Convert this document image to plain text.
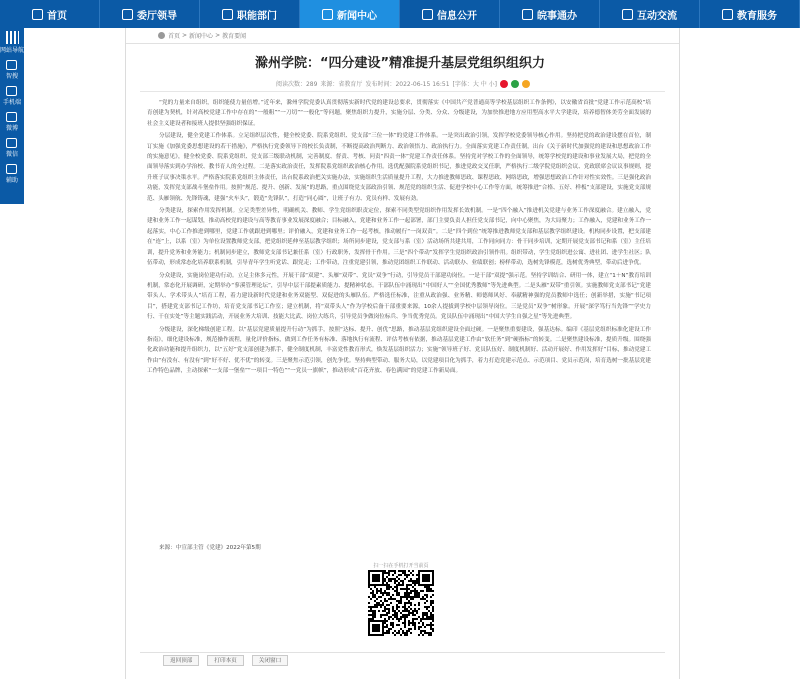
首页	委厅领导	职能部门	新闻中心	信息公开	皖事通办	互动交流	教育服务
网站导航
智搜
手机端
微博
微信
辅助
首页 > 新闻中心 > 教育要闻
滁州学院：“四分建设”精准提升基层党组织组织力
阅读次数：289 来源：省教育厅 发布时间：2022-06-15 16:51 [字体：大 中 小]

“党的力量来自组织，组织能使力量倍增。”近年来，滁州学院党委认真贯彻落实新时代党的建设总要求，贯彻落实《中国共产党普通高等学校基层组织工作条例》，以安徽省首批“党建工作示范高校”培育创建为契机，针对高校党建工作中存在的“一般粗”“一刀切”“一般化”等问题，聚焦组织力提升，实施分层、分类、分众、分级建设，为加快推进地方应用型高水平大学建设，培养德智体美劳全面发展的社会主义建设者和接班人提供坚强组织保证。

分层建设，健全党建工作体系。立足组织层次性，健全校党委、院系党组织、党支部“三位一体”的党建工作体系。一是突出政治引领，发挥学校党委领导核心作用。坚持把党的政治建设摆在首位，制订实施《加强党委思想建设的若干措施》，严格执行党委领导下的校长负责制，不断提高政治判断力、政治领悟力、政治执行力。全面落实党建工作责任制，出台《关于新时代加强党的建设和思想政治工作的实施意见》，健全校党委、院系党组织、党支部三级联动机制，完善制度、督责、考核、问责“四责一体”党建工作责任体系。坚持党对学校工作的全面领导，统筹学校党的建设和事业发展大局，把党的全面领导落实到办学治校、教书育人的全过程。二是落实政治责任，发挥院系党组织政治核心作用。选优配强院系党组织书记，推进党政交叉任职，严格执行二级学院党组织会议、党政联席会议议事规则，提升班子议事决策水平。严格落实院系党组织主体责任，出台院系政治把关实施办法，实施组织生活质量提升工程，大力推进教师思政、课程思政、网络思政，增强思想政治工作针对性实效性。三是强化政治功能，发挥党支部战斗堡垒作用。按照“规范、提升、创新、发展”的思路，重点围绕党支部政治引领、规范党的组织生活、促进学校中心工作等方面，统筹推进“合格、五好、样板”支部建设，实施党支部规范、头雁领航、先锋铸魂，建强“火车头”，锻造“先锋队”，打造“同心圆”，让班子有力、党员有样、发展有劲。

分类建设，探索作用发挥机制。立足类型差异性，明确机关、教师、学生党组织职责定位，探索不同类型党组织作用发挥长效机制。一是“四个融入”推进机关党建与业务工作深度融合。建立融入，党建和业务工作一起谋划，推动高校党的建设与高等教育事业发展深度融合；目标融入，党建和业务工作一起部署，部门主要负责人担任党支部书记，向中心聚焦，为大局聚力；工作融入，党建和业务工作一起落实，中心工作推进到哪里，党建工作就跟进到哪里；评价融入，党建和业务工作一起考核，推动履行“一岗双责”。二是“四个到位”统筹推进教师党支部和基层教学组织建设。机构同步设置，把支部建在“连”上，以系（室）为单位设置教师党支部，把党组织延伸至基层教学组织；场所同步建设，党支部与系（室）活动场所共建共用，工作同向同力：骨干同步培训，定期开展党支部书记和系（室）主任培训，提升党务和业务能力；机制同步建立，教师党支部书记兼任系（室）行政职务，发挥骨干作用。三是“四个带动”发挥学生党组织政治引领作用。组织带动，学生党组织进公寓、进社团、进学生社区；队伍带动，形成常态化培养联系机制，引导青年学生听党话、跟党走；工作带动，注重党建引领，推动党团组织工作联动、活动联办、业绩联创；榜样带动，选树先锋模范，选树优秀典型，带动后进争优。

分众建设，实施岗位建功行动。立足主体多元性，开展干部“双建”、头雁“双带”、党员“双争”行动，引导党员干部建功岗位。一是干部“双提”强示范。坚持学训结合、研用一体，建立“1＋N”教育培训机制，常态化开展调研，定期举办“蓼溪管理论坛”，引导中层干部提素质能力、提精神状态。干部队伍中涌现出“中国好人”“全国优秀教师”等先进典型。二是头雁“双带”重引领。实施教师党支部书记“党建带头人、学术带头人”培育工程，着力建设新时代党建和业务双能型、双促进的头雁队伍。严格选任标准，注重从政治强、业务精、师德师风好、奉献精神强的党员教师中选任；创新举措，实施“书记项目”，搭建党支部书记工作坊，培育党支部书记工作室；建立机制，将“双带头人”作为学校后备干部重要来源，10余人提拔到学校中层领导岗位。三是党员“双争”树形象。开展“深学笃行当先锋”“学史力行、干在实处”等主题实践活动，开展业务大培训、技能大比武、岗位大练兵，引导党员争做岗位标兵、争当优秀党员。党员队伍中涌现出“中国大学生自强之星”等先进典型。

分级建设，深化梯级创建工程。以“基层党建质量提升行动”为抓手，按照“达标、提升、创优”思路，推动基层党组织建设全面过硬。一是聚焦重要建设，强基达标。编印《基层党组织标准化建设工作指南》，细化建设标准，规范操作流程，量化评价指标，做到工作任务有标准、落地执行有流程、评估考核有依据，推动基层党建工作由“软任务”到“硬指标”的转变。二是聚焦建设标准，提质升级。围绕强化政治功能和提升组织力，以“五好”党支部创建为抓手，健全制度机制，丰富党性教育形式，焕发基层组织活力；实施“领导班子好、党员队伍好、制度机制好、活动开展好、作用发挥好”目标，推动党建工作由“有没有、有没有”到“好不好、优不优”的转变。三是聚焦示范引领，创先争优。坚持典型带动、服务大局，以党建项目化为抓手，着力打造党建示范点、示范项目、党员示范岗，培育选树一批基层党建工作特色品牌，主动探索“一支部一堡垒”“一项目一特色”“一党员一旗帜”，推动形成“百花齐放、春色满园”的党建工作新局面。

来源：中宣部主管《党建》2022年第5期
扫一扫在手机打开当前页
返回顶部	打印本页	关闭窗口
